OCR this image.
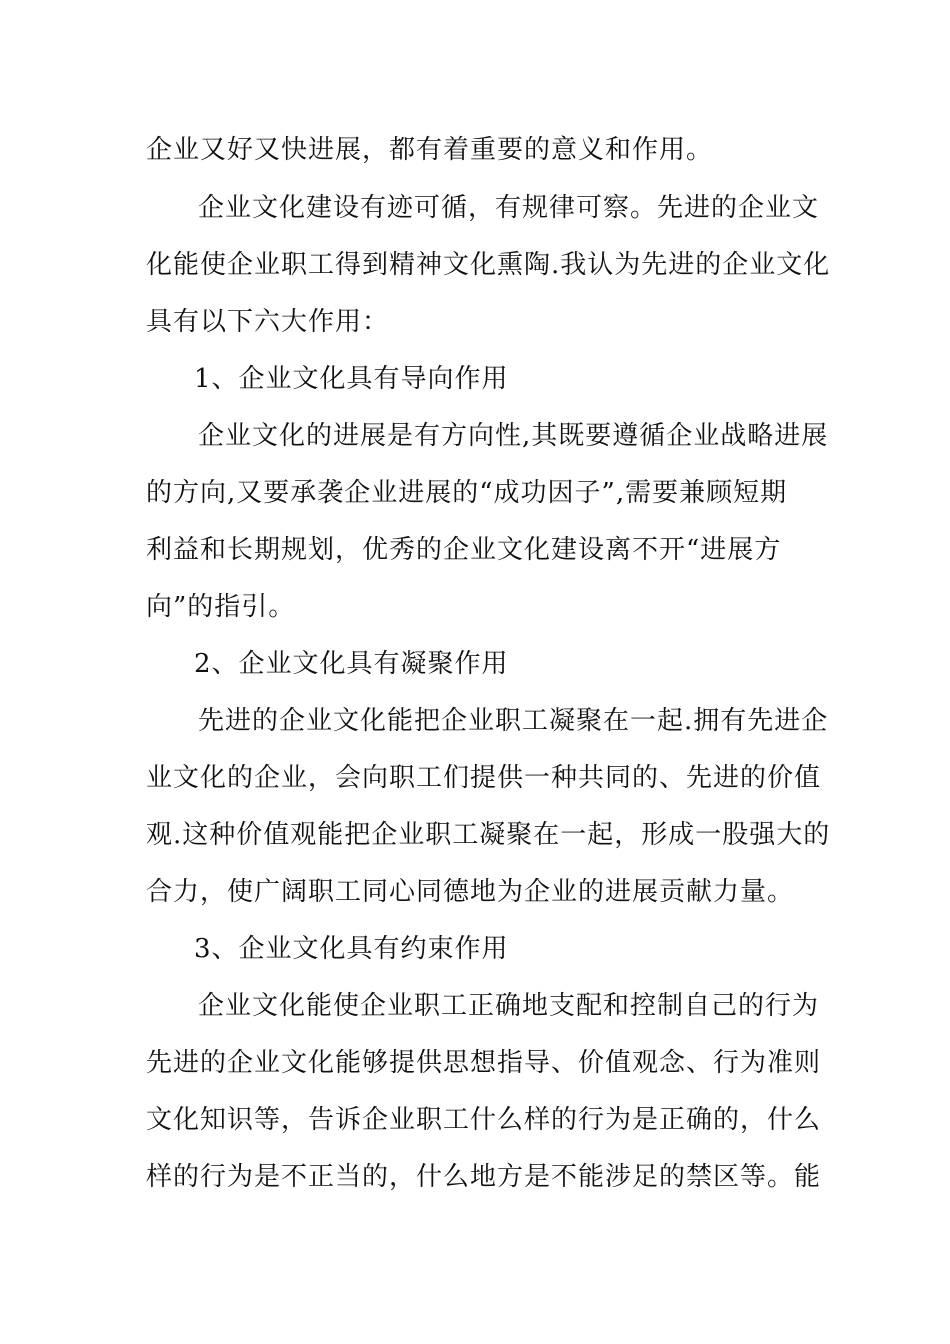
企业又好又快进展，都有着重要的意义和作用。
企业文化建设有迹可循，有规律可察。先进的企业文
化能使企业职工得到精神文化熏陶.我认为先进的企业文化
具有以下六大作用：
1、企业文化具有导向作用
企业文化的进展是有方向性,其既要遵循企业战略进展
的方向,又要承袭企业进展的“成功因子”,需要兼顾短期
利益和长期规划，优秀的企业文化建设离不开“进展方
向”的指引。
2、企业文化具有凝聚作用
先进的企业文化能把企业职工凝聚在一起.拥有先进企
业文化的企业，会向职工们提供一种共同的、先进的价值
观.这种价值观能把企业职工凝聚在一起，形成一股强大的
合力，使广阔职工同心同德地为企业的进展贡献力量。
3、企业文化具有约束作用
企业文化能使企业职工正确地支配和控制自己的行为
先进的企业文化能够提供思想指导、价值观念、行为准则
文化知识等，告诉企业职工什么样的行为是正确的，什么
样的行为是不正当的，什么地方是不能涉足的禁区等。能
